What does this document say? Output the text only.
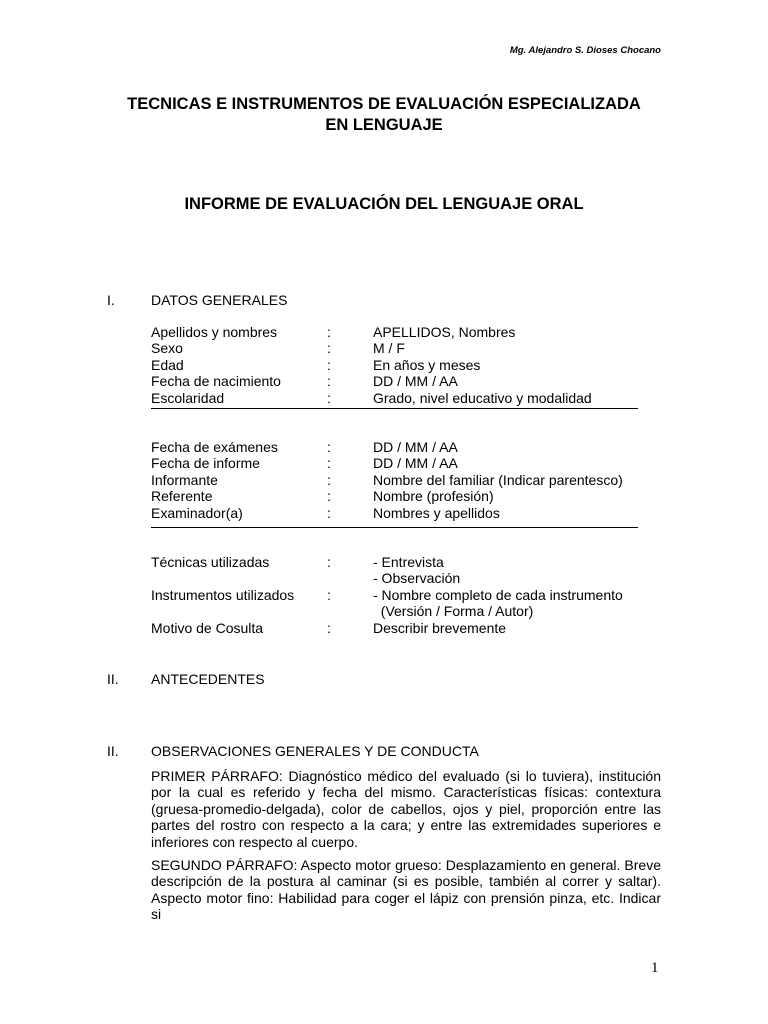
Mg. Alejandro S. Dioses Chocano
TECNICAS E INSTRUMENTOS DE EVALUACIÓN ESPECIALIZADA
EN LENGUAJE
INFORME DE EVALUACIÓN DEL LENGUAJE ORAL
I.	DATOS GENERALES
Apellidos y nombres	:	APELLIDOS, Nombres
Sexo	:	M / F
Edad	:	En años y meses
Fecha de nacimiento	:	DD / MM / AA
Escolaridad	:	Grado, nivel educativo y modalidad
Fecha de exámenes	:	DD / MM / AA
Fecha de informe	:	DD / MM / AA
Informante	:	Nombre del familiar (Indicar parentesco)
Referente	:	Nombre (profesión)
Examinador(a)	:	Nombres y apellidos
Técnicas utilizadas	:	- Entrevista
- Observación
Instrumentos utilizados :	- Nombre completo de cada instrumento
(Versión / Forma / Autor)
Motivo de Cosulta	:	Describir brevemente
II. ANTECEDENTES
II. OBSERVACIONES GENERALES Y DE CONDUCTA

PRIMER PÁRRAFO: Diagnóstico médico del evaluado (si lo tuviera), institución por la cual es referido y fecha del mismo. Características físicas: contextura (gruesa-promedio-delgada), color de cabellos, ojos y piel, proporción entre las partes del rostro con respecto a la cara; y entre las extremidades superiores e inferiores con respecto al cuerpo.

SEGUNDO PÁRRAFO: Aspecto motor grueso: Desplazamiento en general. Breve descripción de la postura al caminar (si es posible, también al correr y saltar). Aspecto motor fino: Habilidad para coger el lápiz con prensión pinza, etc. Indicar si

1
